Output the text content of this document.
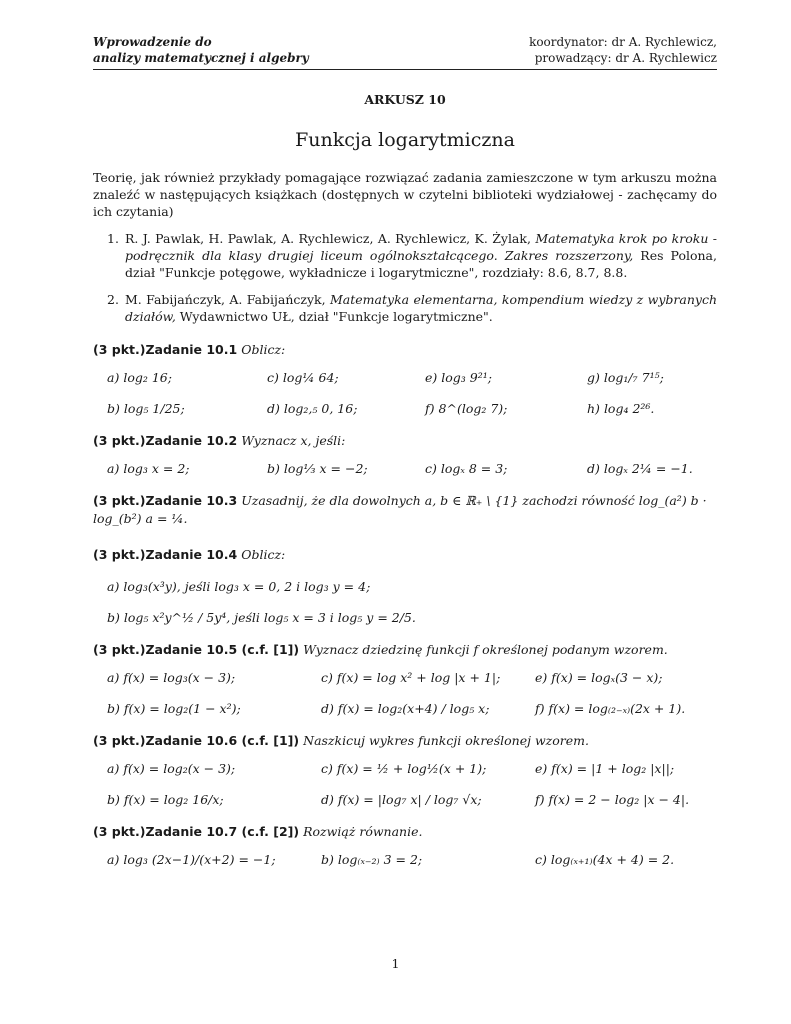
Wprowadzenie do
analizy matematycznej i algebry
koordynator: dr A. Rychlewicz,
prowadzący: dr A. Rychlewicz
ARKUSZ 10
Funkcja logarytmiczna
Teorię, jak również przykłady pomagające rozwiązać zadania zamieszczone w tym arkuszu można znaleźć w następujących książkach (dostępnych w czytelni biblioteki wydziałowej - zachęcamy do ich czytania)
1. R. J. Pawlak, H. Pawlak, A. Rychlewicz, A. Rychlewicz, K. Żylak, Matematyka krok po kroku - podręcznik dla klasy drugiej liceum ogólnokształcącego. Zakres rozszerzony, Res Polona, dział "Funkcje potęgowe, wykładnicze i logarytmiczne", rozdziały: 8.6, 8.7, 8.8.
2. M. Fabijańczyk, A. Fabijańczyk, Matematyka elementarna, kompendium wiedzy z wybranych działów, Wydawnictwo UŁ, dział "Funkcje logarytmiczne".
(3 pkt.)Zadanie 10.1 Oblicz:
a) log₂ 16;	c) log¼ 64;	e) log₃ 9²¹;	g) log₁/₇ 7¹⁵;
b) log₅ 1/25;	d) log₂,₅ 0, 16;	f) 8^(log₂ 7);	h) log₄ 2²⁶.
(3 pkt.)Zadanie 10.2 Wyznacz x, jeśli:
a) log₃ x = 2;	b) log⅓ x = −2;	c) logₓ 8 = 3;	d) logₓ 2¼ = −1.
(3 pkt.)Zadanie 10.3 Uzasadnij, że dla dowolnych a, b ∈ ℝ₊ \ {1} zachodzi równość log_(a²) b · log_(b²) a = ¼.
(3 pkt.)Zadanie 10.4 Oblicz:
a) log₃(x³y), jeśli log₃ x = 0, 2 i log₃ y = 4;
b) log₅ x²y^½ / 5y⁴, jeśli log₅ x = 3 i log₅ y = 2/5.
(3 pkt.)Zadanie 10.5 (c.f. [1]) Wyznacz dziedzinę funkcji f określonej podanym wzorem.
a) f(x) = log₃(x − 3);	c) f(x) = log x² + log |x + 1|;	e) f(x) = logₓ(3 − x);
b) f(x) = log₂(1 − x²);	d) f(x) = log₂(x+4) / log₅ x;	f) f(x) = log₍₂₋ₓ₎(2x + 1).
(3 pkt.)Zadanie 10.6 (c.f. [1]) Naszkicuj wykres funkcji określonej wzorem.
a) f(x) = log₂(x − 3);	c) f(x) = ½ + log½(x + 1);	e) f(x) = |1 + log₂ |x||;
b) f(x) = log₂ 16/x;	d) f(x) = |log₇ x| / log₇ √x;	f) f(x) = 2 − log₂ |x − 4|.
(3 pkt.)Zadanie 10.7 (c.f. [2]) Rozwiąż równanie.
a) log₃ (2x−1)/(x+2) = −1;	b) log₍ₓ₋₂₎ 3 = 2;	c) log₍ₓ₊₁₎(4x + 4) = 2.
1
